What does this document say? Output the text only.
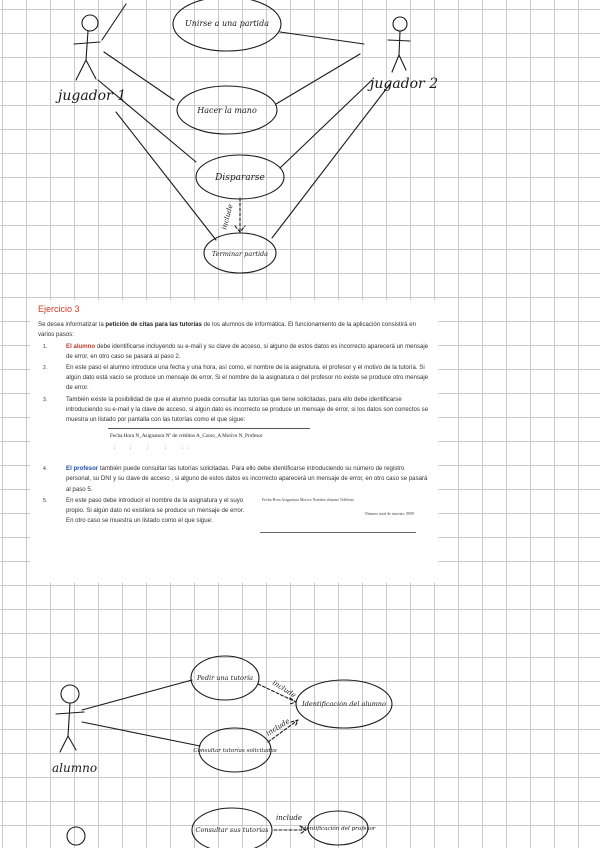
jugador 1
jugador 2
Unirse a una partida
Hacer la mano
Dispararse
Terminar partida
include
Ejercicio 3

Se desea informatizar la petición de citas para las tutorías de los alumnos de informática. El funcionamiento de la aplicación consistirá en varios pasos:

1.	El alumno debe identificarse incluyendo su e-mail y su clave de acceso, si alguno de estos datos es incorrecto aparecerá un mensaje de error, en otro caso se pasará al paso 2.
2.	En este paso el alumno introduce una fecha y una hora, así como, el nombre de la asignatura, el profesor y el motivo de la tutoría. Si algún dato está vacío se produce un mensaje de error. Si el nombre de la asignatura o del profesor no existe se produce otro mensaje de error.
3.	También existe la posibilidad de que el alumno pueda consultar las tutorías que tiene solicitadas, para ello debe identificarse introduciendo su e-mail y la clave de acceso, si algún dato es incorrecto se produce un mensaje de error, si los datos son correctos se muestra un listado por pantalla con las tutorías como el que sigue:
Fecha Hora N_Asignatura Nº de créditos A_Curso_A Motivo N_Profesor
:           :            :             :            :   :
4.	El profesor también puede consultar las tutorías solicitadas. Para ello debe identificarse introduciendo su número de registro personal, su DNI y su clave de acceso , si alguno de estos datos es incorrecto aparecerá un mensaje de error, en otro caso se pasará al paso 5.
5.	En este paso debe introducir el nombre de la asignatura y el suyo propio. Si algún dato no existiera se produce un mensaje de error. En otro caso se muestra un listado como el que sigue:
Fecha Hora Asignatura Motivo Nombre alumno Teléfono
Número total de tutorías: 9999
alumno
Pedir una tutoría
Consultar tutorías solicitadas
Identificación del alumno
include
include
Consultar sus tutorías	Identificación del profesor
include
